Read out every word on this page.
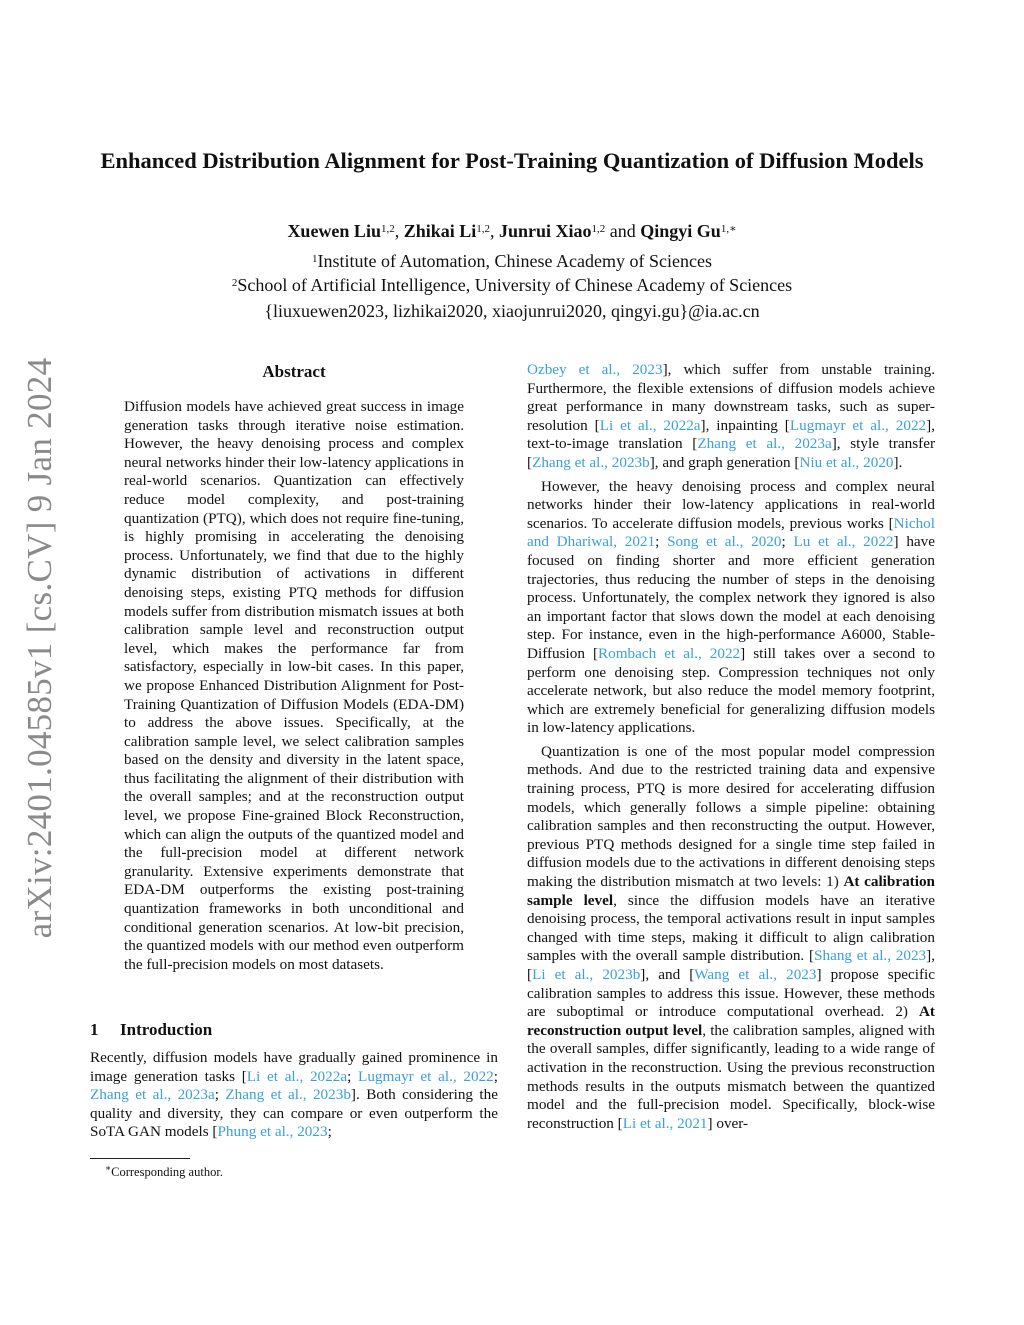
arXiv:2401.04585v1 [cs.CV] 9 Jan 2024
Enhanced Distribution Alignment for Post-Training Quantization of Diffusion Models
Xuewen Liu$^{1,2}$, Zhikai Li$^{1,2}$, Junrui Xiao$^{1,2}$ and Qingyi $Gu^{1,∗}$
$^1$Institute of Automation, Chinese Academy of Sciences
$^2$School of Artificial Intelligence, University of Chinese Academy of Sciences
{liuxuewen2023, lizhikai2020, xiaojunrui2020, qingyi.gu}@ia.ac.cn
Abstract

Diffusion models have achieved great success in image generation tasks through iterative noise estimation. However, the heavy denoising process and complex neural networks hinder their low-latency applications in real-world scenarios. Quantization can effectively reduce model complexity, and post-training quantization (PTQ), which does not require fine-tuning, is highly promising in accelerating the denoising process. Unfortunately, we find that due to the highly dynamic distribution of activations in different denoising steps, existing PTQ methods for diffusion models suffer from distribution mismatch issues at both calibration sample level and reconstruction output level, which makes the performance far from satisfactory, especially in low-bit cases. In this paper, we propose Enhanced Distribution Alignment for Post-Training Quantization of Diffusion Models (EDA-DM) to address the above issues. Specifically, at the calibration sample level, we select calibration samples based on the density and diversity in the latent space, thus facilitating the alignment of their distribution with the overall samples; and at the reconstruction output level, we propose Fine-grained Block Reconstruction, which can align the outputs of the quantized model and the full-precision model at different network granularity. Extensive experiments demonstrate that EDA-DM outperforms the existing post-training quantization frameworks in both unconditional and conditional generation scenarios. At low-bit precision, the quantized models with our method even outperform the full-precision models on most datasets.

1 Introduction

Recently, diffusion models have gradually gained prominence in image generation tasks [Li et al., 2022a; Lugmayr et al., 2022; Zhang et al., 2023a; Zhang et al., 2023b]. Both considering the quality and diversity, they can compare or even outperform the SoTA GAN models [Phung et al., 2023;

Ozbey et al., 2023], which suffer from unstable training. Furthermore, the flexible extensions of diffusion models achieve great performance in many downstream tasks, such as super-resolution [Li et al., 2022a], inpainting [Lugmayr et al., 2022], text-to-image translation [Zhang et al., 2023a], style transfer [Zhang et al., 2023b], and graph generation [Niu et al., 2020].

However, the heavy denoising process and complex neural networks hinder their low-latency applications in real-world scenarios. To accelerate diffusion models, previous works [Nichol and Dhariwal, 2021; Song et al., 2020; Lu et al., 2022] have focused on finding shorter and more efficient generation trajectories, thus reducing the number of steps in the denoising process. Unfortunately, the complex network they ignored is also an important factor that slows down the model at each denoising step. For instance, even in the high-performance A6000, Stable-Diffusion [Rombach et al., 2022] still takes over a second to perform one denoising step. Compression techniques not only accelerate network, but also reduce the model memory footprint, which are extremely beneficial for generalizing diffusion models in low-latency applications.

Quantization is one of the most popular model compression methods. And due to the restricted training data and expensive training process, PTQ is more desired for accelerating diffusion models, which generally follows a simple pipeline: obtaining calibration samples and then reconstructing the output. However, previous PTQ methods designed for a single time step failed in diffusion models due to the activations in different denoising steps making the distribution mismatch at two levels: 1) At calibration sample level, since the diffusion models have an iterative denoising process, the temporal activations result in input samples changed with time steps, making it difficult to align calibration samples with the overall sample distribution. [Shang et al., 2023], [Li et al., 2023b], and [Wang et al., 2023] propose specific calibration samples to address this issue. However, these methods are suboptimal or introduce computational overhead. 2) At reconstruction output level, the calibration samples, aligned with the overall samples, differ significantly, leading to a wide range of activation in the reconstruction. Using the previous reconstruction methods results in the outputs mismatch between the quantized model and the full-precision model. Specifically, block-wise reconstruction [Li et al., 2021] over-

∗Corresponding author.
